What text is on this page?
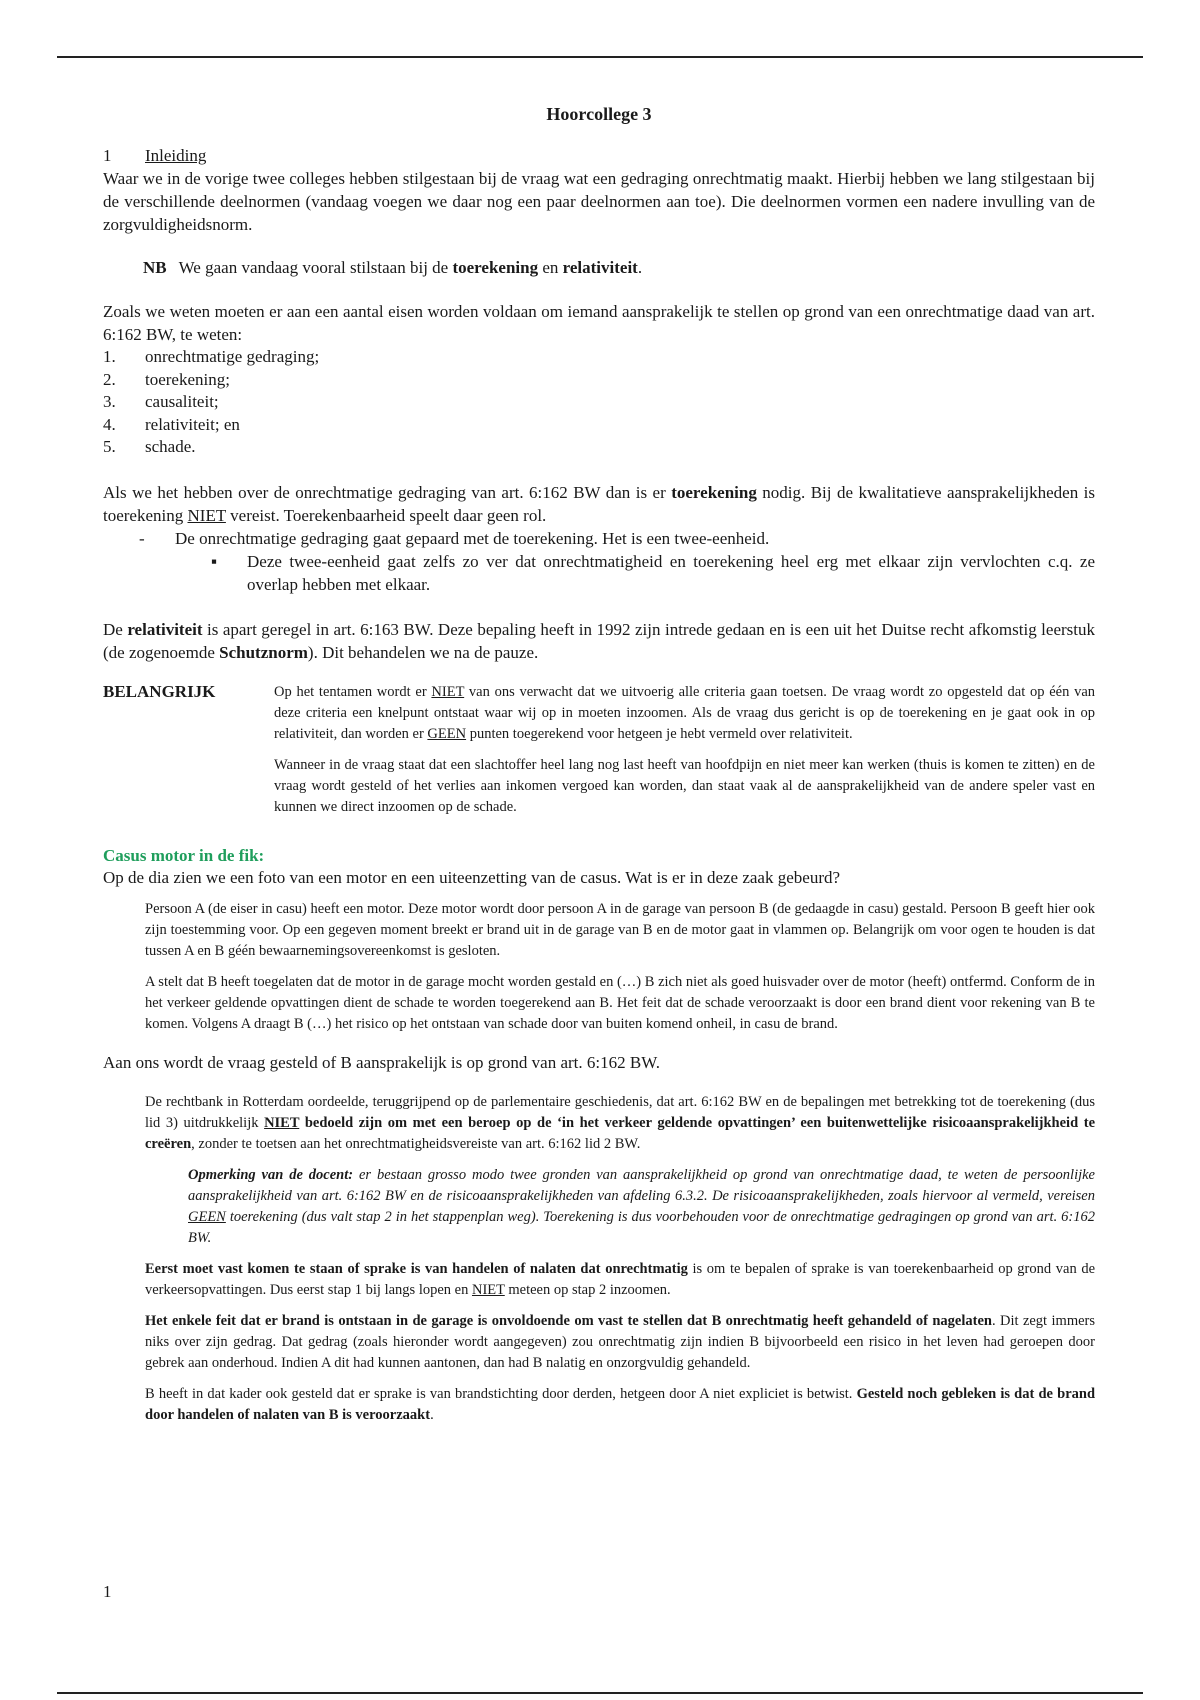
Hoorcollege 3
1 Inleiding

Waar we in de vorige twee colleges hebben stilgestaan bij de vraag wat een gedraging onrechtmatig maakt. Hierbij hebben we lang stilgestaan bij de verschillende deelnormen (vandaag voegen we daar nog een paar deelnormen aan toe). Die deelnormen vormen een nadere invulling van de zorgvuldigheidsnorm.

NB We gaan vandaag vooral stilstaan bij de toerekening en relativiteit.

Zoals we weten moeten er aan een aantal eisen worden voldaan om iemand aansprakelijk te stellen op grond van een onrechtmatige daad van art. 6:162 BW, te weten:

1.	onrechtmatige gedraging;
2.	toerekening;
3.	causaliteit;
4.	relativiteit; en
5.	schade.

Als we het hebben over de onrechtmatige gedraging van art. 6:162 BW dan is er toerekening nodig. Bij de kwalitatieve aansprakelijkheden is toerekening NIET vereist. Toerekenbaarheid speelt daar geen rol.

-	De onrechtmatige gedraging gaat gepaard met de toerekening. Het is een twee-eenheid.
▪	Deze twee-eenheid gaat zelfs zo ver dat onrechtmatigheid en toerekening heel erg met elkaar zijn vervlochten c.q. ze overlap hebben met elkaar.

De relativiteit is apart geregel in art. 6:163 BW. Deze bepaling heeft in 1992 zijn intrede gedaan en is een uit het Duitse recht afkomstig leerstuk (de zogenoemde Schutznorm). Dit behandelen we na de pauze.

BELANGRIJK	Op het tentamen wordt er NIET van ons verwacht dat we uitvoerig alle criteria gaan toetsen. De vraag wordt zo opgesteld dat op één van deze criteria een knelpunt ontstaat waar wij op in moeten inzoomen. Als de vraag dus gericht is op de toerekening en je gaat ook in op relativiteit, dan worden er GEEN punten toegerekend voor hetgeen je hebt vermeld over relativiteit.

Wanneer in de vraag staat dat een slachtoffer heel lang nog last heeft van hoofdpijn en niet meer kan werken (thuis is komen te zitten) en de vraag wordt gesteld of het verlies aan inkomen vergoed kan worden, dan staat vaak al de aansprakelijkheid van de andere speler vast en kunnen we direct inzoomen op de schade.

Casus motor in de fik:

Op de dia zien we een foto van een motor en een uiteenzetting van de casus. Wat is er in deze zaak gebeurd?

Persoon A (de eiser in casu) heeft een motor. Deze motor wordt door persoon A in de garage van persoon B (de gedaagde in casu) gestald. Persoon B geeft hier ook zijn toestemming voor. Op een gegeven moment breekt er brand uit in de garage van B en de motor gaat in vlammen op. Belangrijk om voor ogen te houden is dat tussen A en B géén bewaarnemingsovereenkomst is gesloten.

A stelt dat B heeft toegelaten dat de motor in de garage mocht worden gestald en (…) B zich niet als goed huisvader over de motor (heeft) ontfermd. Conform de in het verkeer geldende opvattingen dient de schade te worden toegerekend aan B. Het feit dat de schade veroorzaakt is door een brand dient voor rekening van B te komen. Volgens A draagt B (…) het risico op het ontstaan van schade door van buiten komend onheil, in casu de brand.

Aan ons wordt de vraag gesteld of B aansprakelijk is op grond van art. 6:162 BW.

De rechtbank in Rotterdam oordeelde, teruggrijpend op de parlementaire geschiedenis, dat art. 6:162 BW en de bepalingen met betrekking tot de toerekening (dus lid 3) uitdrukkelijk NIET bedoeld zijn om met een beroep op de ‘in het verkeer geldende opvattingen’ een buitenwettelijke risicoaansprakelijkheid te creëren, zonder te toetsen aan het onrechtmatigheidsvereiste van art. 6:162 lid 2 BW.

Opmerking van de docent: er bestaan grosso modo twee gronden van aansprakelijkheid op grond van onrechtmatige daad, te weten de persoonlijke aansprakelijkheid van art. 6:162 BW en de risicoaansprakelijkheden van afdeling 6.3.2. De risicoaansprakelijkheden, zoals hiervoor al vermeld, vereisen GEEN toerekening (dus valt stap 2 in het stappenplan weg). Toerekening is dus voorbehouden voor de onrechtmatige gedragingen op grond van art. 6:162 BW.

Eerst moet vast komen te staan of sprake is van handelen of nalaten dat onrechtmatig is om te bepalen of sprake is van toerekenbaarheid op grond van de verkeersopvattingen. Dus eerst stap 1 bij langs lopen en NIET meteen op stap 2 inzoomen.

Het enkele feit dat er brand is ontstaan in de garage is onvoldoende om vast te stellen dat B onrechtmatig heeft gehandeld of nagelaten. Dit zegt immers niks over zijn gedrag. Dat gedrag (zoals hieronder wordt aangegeven) zou onrechtmatig zijn indien B bijvoorbeeld een risico in het leven had geroepen door gebrek aan onderhoud. Indien A dit had kunnen aantonen, dan had B nalatig en onzorgvuldig gehandeld.

B heeft in dat kader ook gesteld dat er sprake is van brandstichting door derden, hetgeen door A niet expliciet is betwist. Gesteld noch gebleken is dat de brand door handelen of nalaten van B is veroorzaakt.

1
